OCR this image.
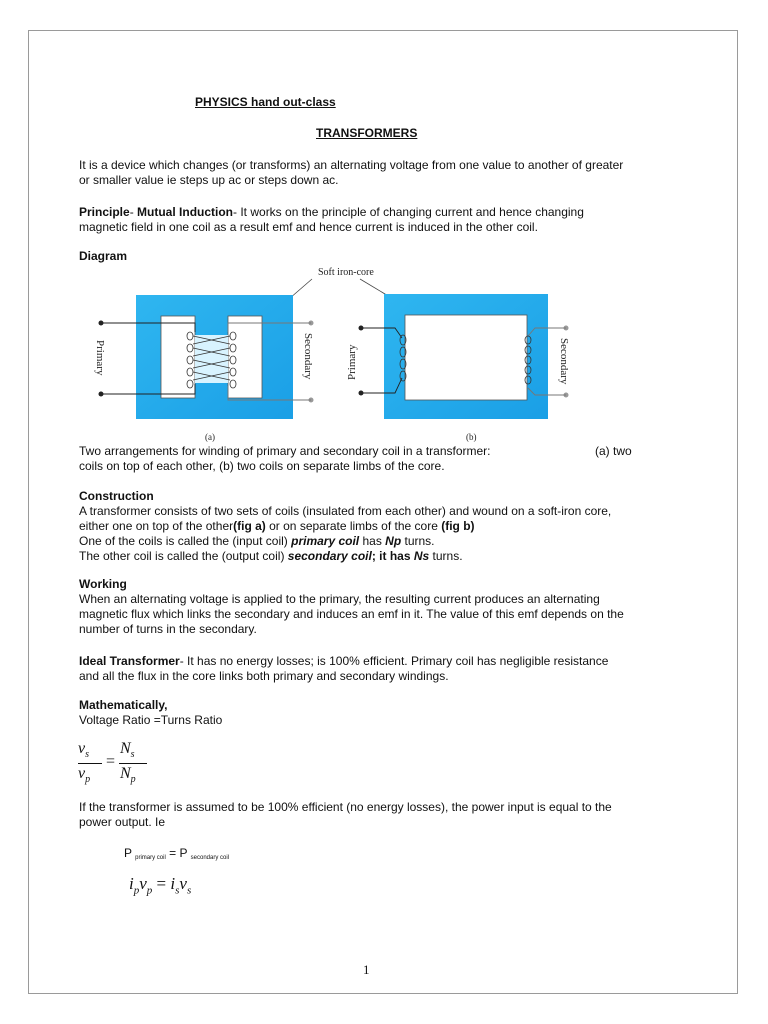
PHYSICS hand out-class
TRANSFORMERS
It is a device which changes (or transforms) an alternating voltage from one value to another of greater
or smaller value ie steps up ac or steps down ac.
Principle- Mutual Induction- It works on the principle of changing current and hence changing
magnetic field in one coil as a result emf and hence current is induced in the other coil.
Diagram
Soft iron-core
Primary	Secondary
(a)
Primary	Secondary
(b)
Two arrangements for winding of primary and secondary coil in a transformer:	(a) two
coils on top of each other, (b) two coils on separate limbs of the core.
Construction
A transformer consists of two sets of coils (insulated from each other) and wound on a soft-iron core,
either one on top of the other(fig a) or on separate limbs of the core (fig b)
One of the coils is called the (input coil) primary coil has Np turns.
The other coil is called the (output coil) secondary coil; it has Ns turns.
Working
When an alternating voltage is applied to the primary, the resulting current produces an alternating
magnetic flux which links the secondary and induces an emf in it. The value of this emf depends on the
number of turns in the secondary.
Ideal Transformer- It has no energy losses; is 100% efficient. Primary coil has negligible resistance
and all the flux in the core links both primary and secondary windings.
Mathematically,
Voltage Ratio =Turns Ratio
$v_s$
$v_p$
=
$N_s$
$N_p$
If the transformer is assumed to be 100% efficient (no energy losses), the power input is equal to the
power output. Ie
P primary coil = P secondary coil
$i_pv_p = i_sv_s$
1
